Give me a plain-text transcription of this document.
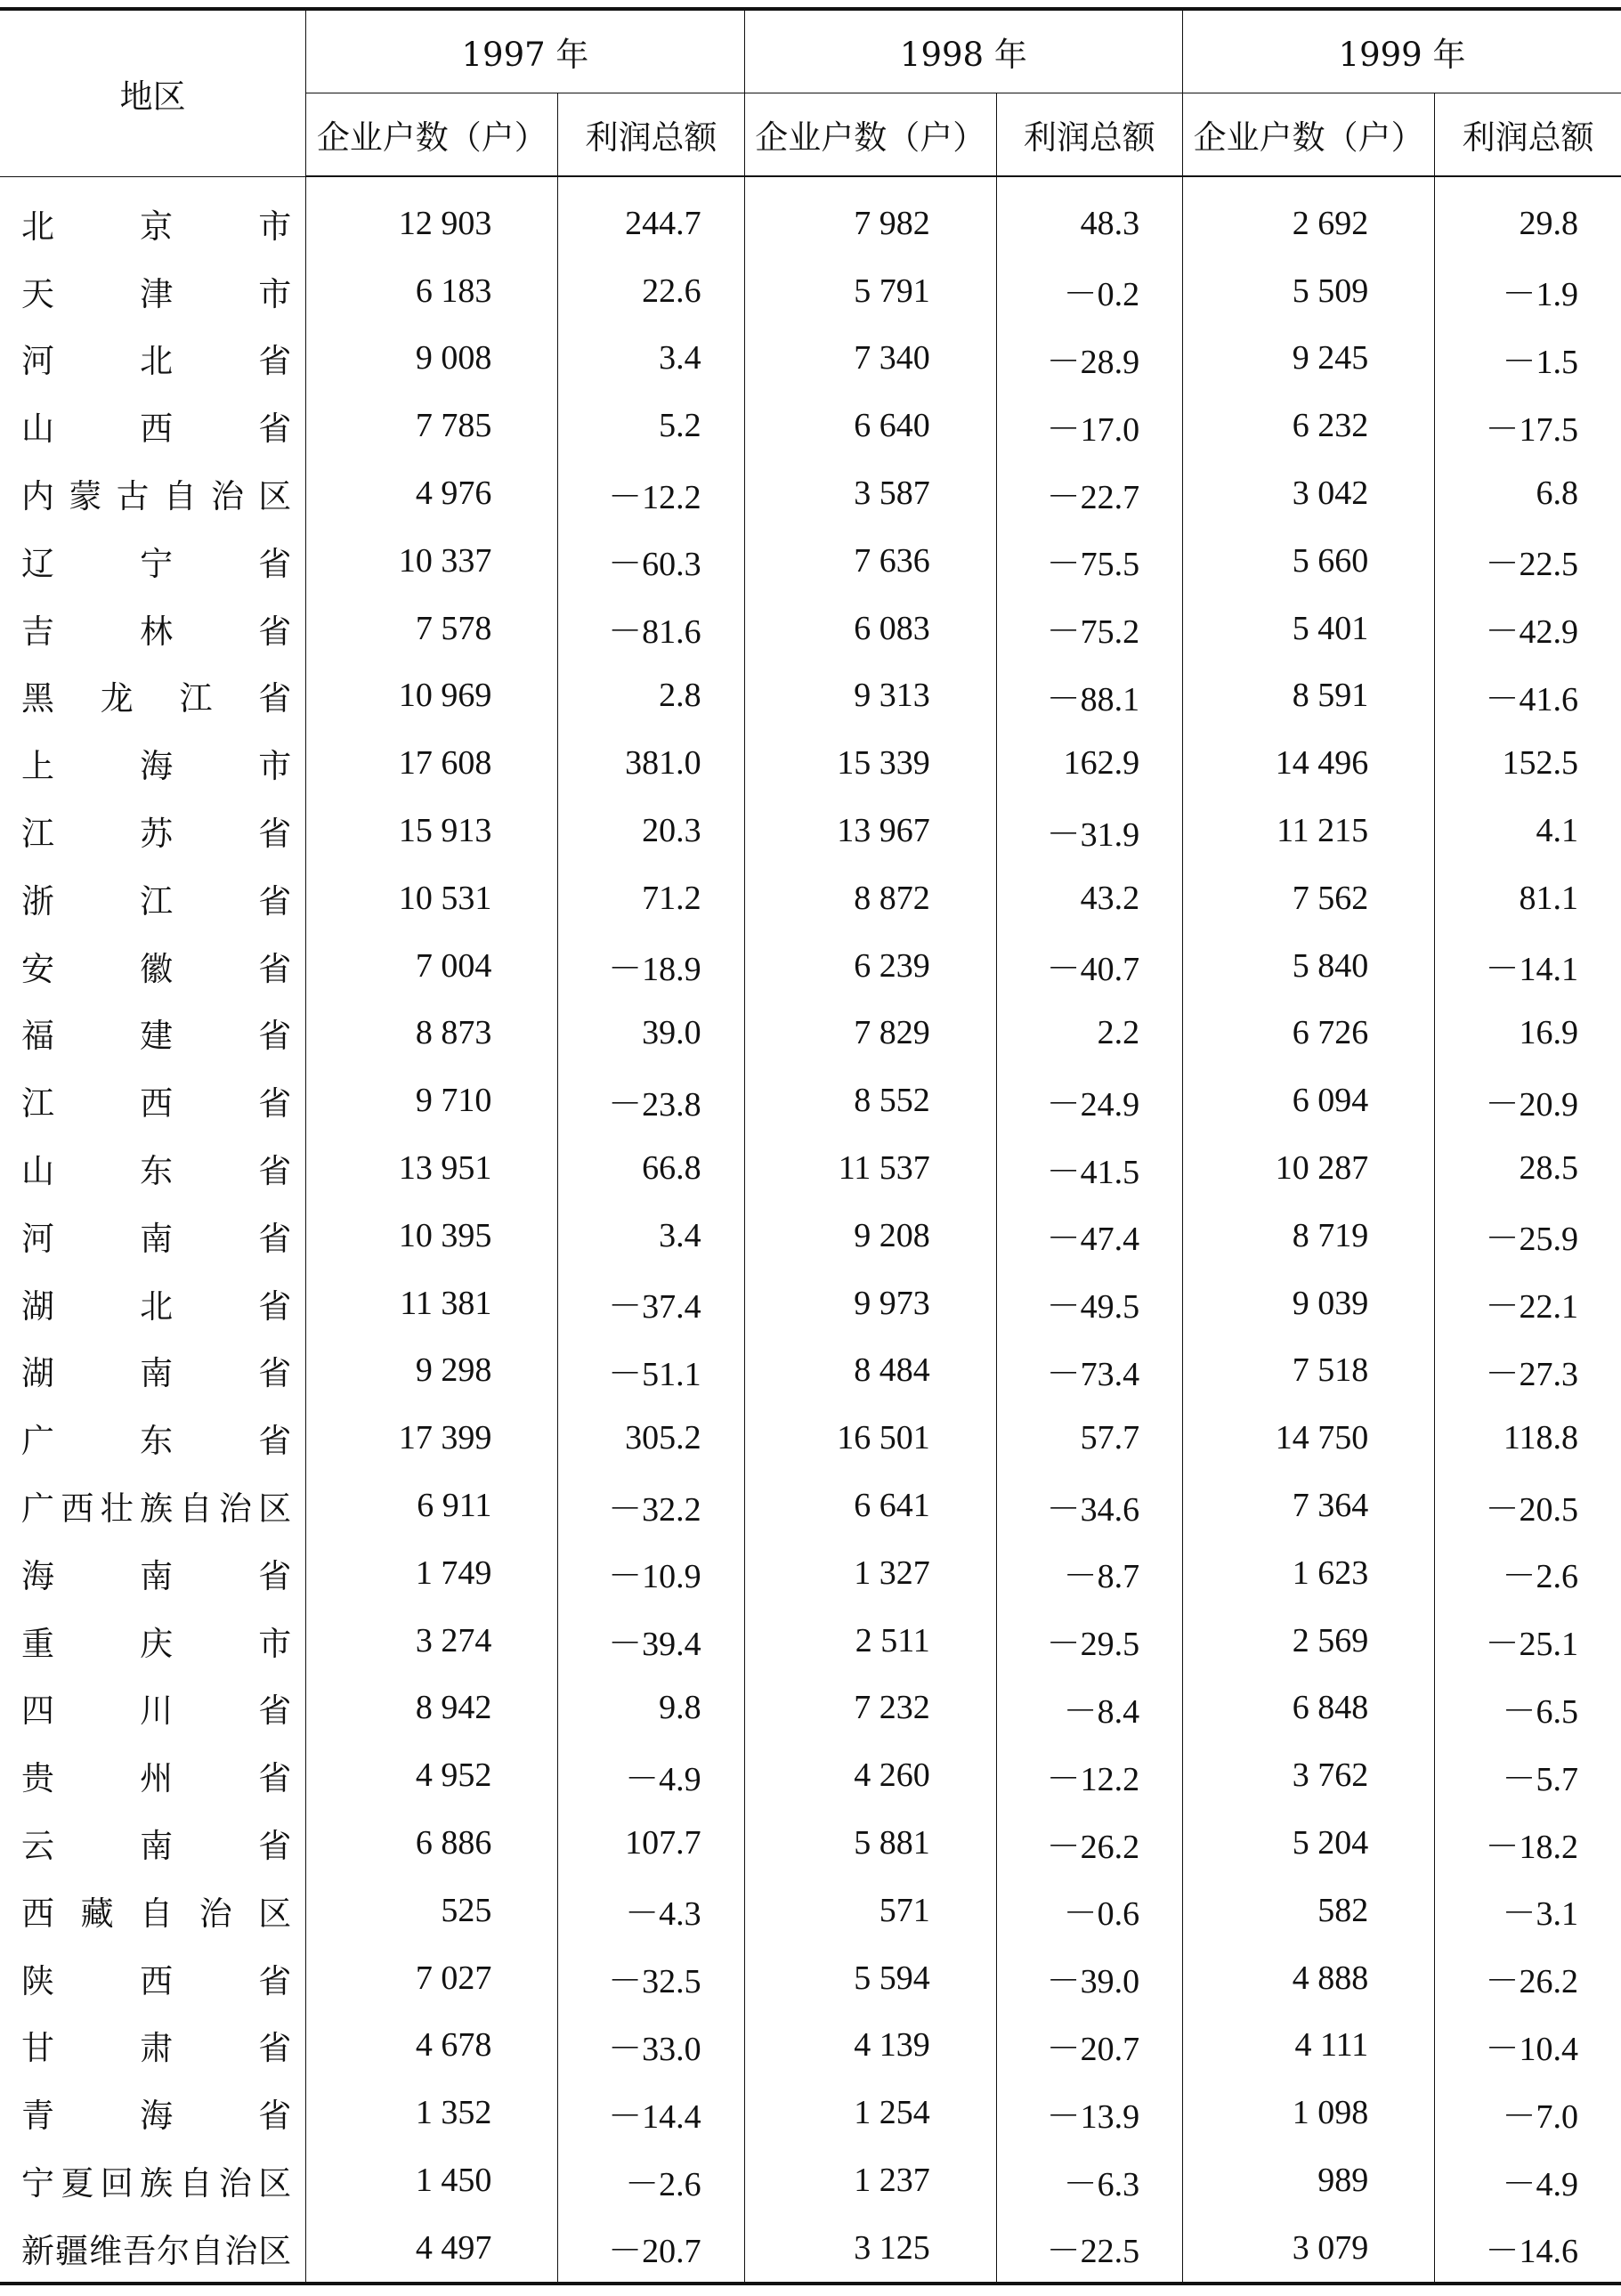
地区	1997 年		1998 年		1999 年	
	企业户数（户）	利润总额	企业户数（户）	利润总额	企业户数（户）	利润总额
北京市	12 903	244.7	7 982	48.3	2 692	29.8
天津市	6 183	22.6	5 791	－0.2	5 509	－1.9
河北省	9 008	3.4	7 340	－28.9	9 245	－1.5
山西省	7 785	5.2	6 640	－17.0	6 232	－17.5
内蒙古自治区	4 976	－12.2	3 587	－22.7	3 042	6.8
辽宁省	10 337	－60.3	7 636	－75.5	5 660	－22.5
吉林省	7 578	－81.6	6 083	－75.2	5 401	－42.9
黑龙江省	10 969	2.8	9 313	－88.1	8 591	－41.6
上海市	17 608	381.0	15 339	162.9	14 496	152.5
江苏省	15 913	20.3	13 967	－31.9	11 215	4.1
浙江省	10 531	71.2	8 872	43.2	7 562	81.1
安徽省	7 004	－18.9	6 239	－40.7	5 840	－14.1
福建省	8 873	39.0	7 829	2.2	6 726	16.9
江西省	9 710	－23.8	8 552	－24.9	6 094	－20.9
山东省	13 951	66.8	11 537	－41.5	10 287	28.5
河南省	10 395	3.4	9 208	－47.4	8 719	－25.9
湖北省	11 381	－37.4	9 973	－49.5	9 039	－22.1
湖南省	9 298	－51.1	8 484	－73.4	7 518	－27.3
广东省	17 399	305.2	16 501	57.7	14 750	118.8
广西壮族自治区	6 911	－32.2	6 641	－34.6	7 364	－20.5
海南省	1 749	－10.9	1 327	－8.7	1 623	－2.6
重庆市	3 274	－39.4	2 511	－29.5	2 569	－25.1
四川省	8 942	9.8	7 232	－8.4	6 848	－6.5
贵州省	4 952	－4.9	4 260	－12.2	3 762	－5.7
云南省	6 886	107.7	5 881	－26.2	5 204	－18.2
西藏自治区	525	－4.3	571	－0.6	582	－3.1
陕西省	7 027	－32.5	5 594	－39.0	4 888	－26.2
甘肃省	4 678	－33.0	4 139	－20.7	4 111	－10.4
青海省	1 352	－14.4	1 254	－13.9	1 098	－7.0
宁夏回族自治区	1 450	－2.6	1 237	－6.3	989	－4.9
新疆维吾尔自治区	4 497	－20.7	3 125	－22.5	3 079	－14.6
